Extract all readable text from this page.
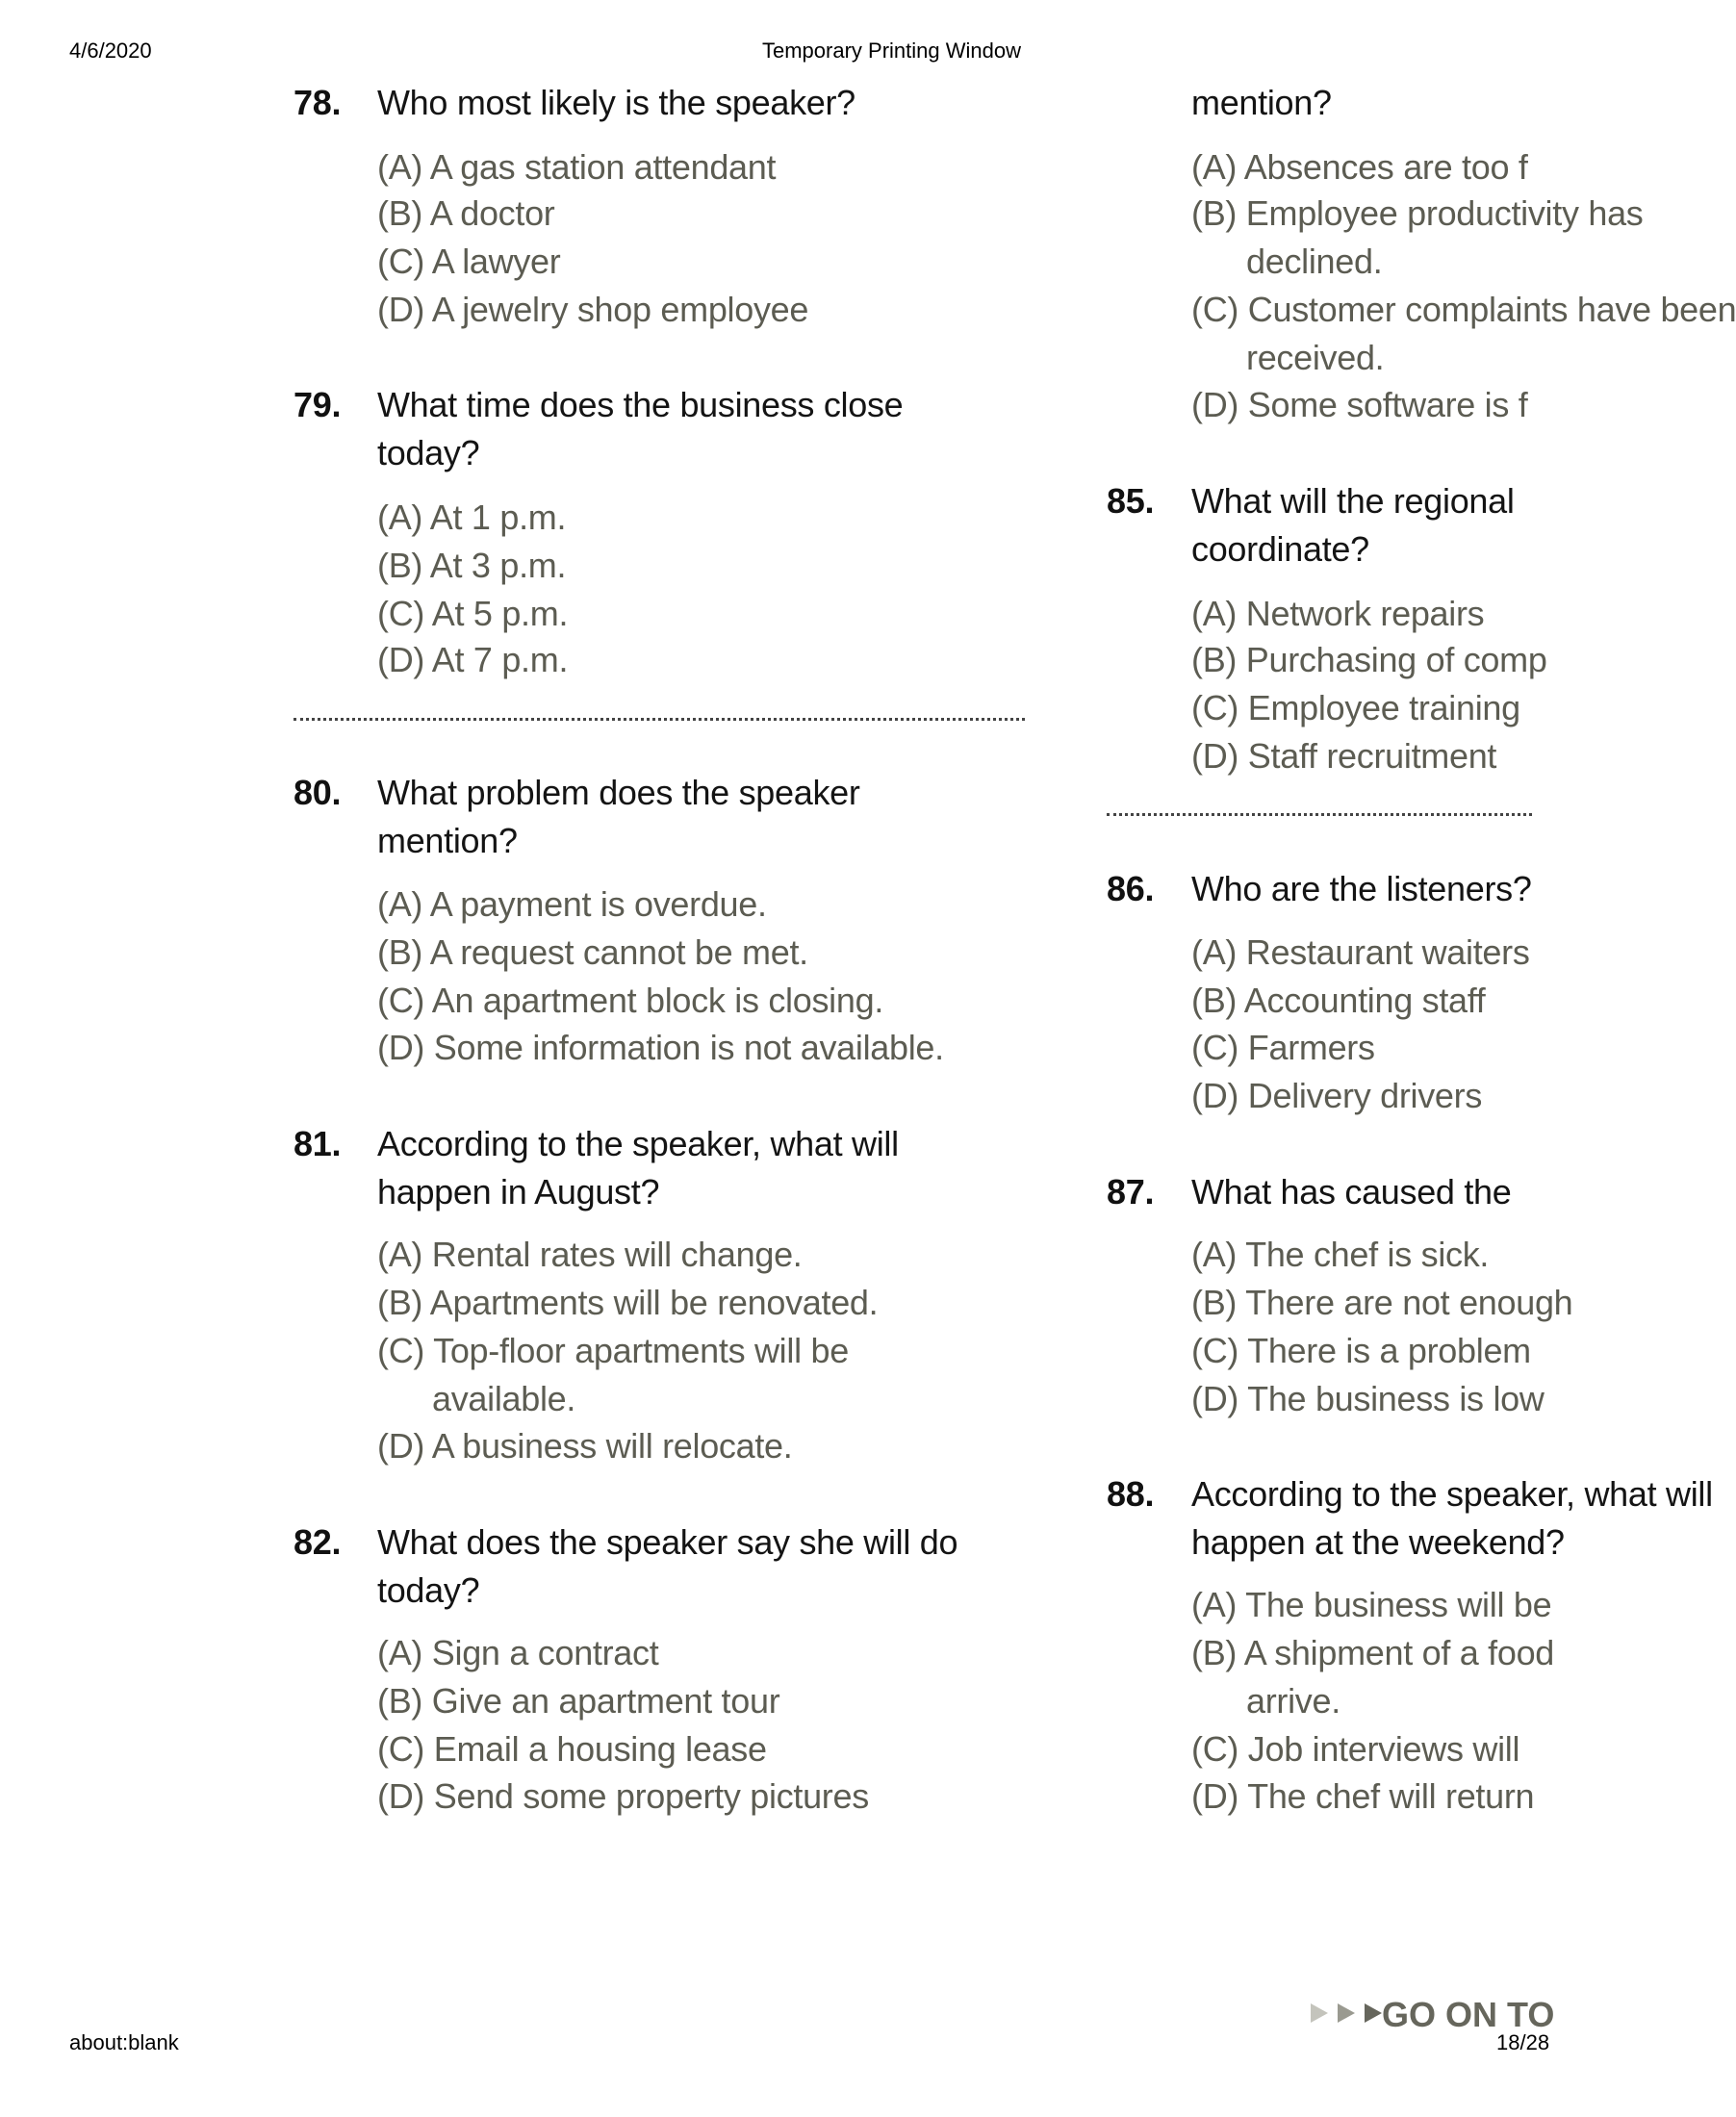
4/6/2020	Temporary Printing Window
78. Who most likely is the speaker?
(A) A gas station attendant
(B) A doctor
(C) A lawyer
(D) A jewelry shop employee
79. What time does the business close
today?
(A) At 1 p.m.
(B) At 3 p.m.
(C) At 5 p.m.
(D) At 7 p.m.
80. What problem does the speaker
mention?
(A) A payment is overdue.
(B) A request cannot be met.
(C) An apartment block is closing.
(D) Some information is not available.
81. According to the speaker, what will
happen in August?
(A) Rental rates will change.
(B) Apartments will be renovated.
(C) Top-floor apartments will be
available.
(D) A business will relocate.
82. What does the speaker say she will do
today?
(A) Sign a contract
(B) Give an apartment tour
(C) Email a housing lease
(D) Send some property pictures
mention?
(A) Absences are too f
(B) Employee productivity has
declined.
(C) Customer complaints have been
received.
(D) Some software is f
85. What will the regional
coordinate?
(A) Network repairs
(B) Purchasing of comp
(C) Employee training
(D) Staff recruitment
86. Who are the listeners?
(A) Restaurant waiters
(B) Accounting staff
(C) Farmers
(D) Delivery drivers
87. What has caused the
(A) The chef is sick.
(B) There are not enough
(C) There is a problem
(D) The business is low
88. According to the speaker, what will
happen at the weekend?
(A) The business will be
(B) A shipment of a food
arrive.
(C) Job interviews will
(D) The chef will return
GO ON TO
about:blank	18/28
